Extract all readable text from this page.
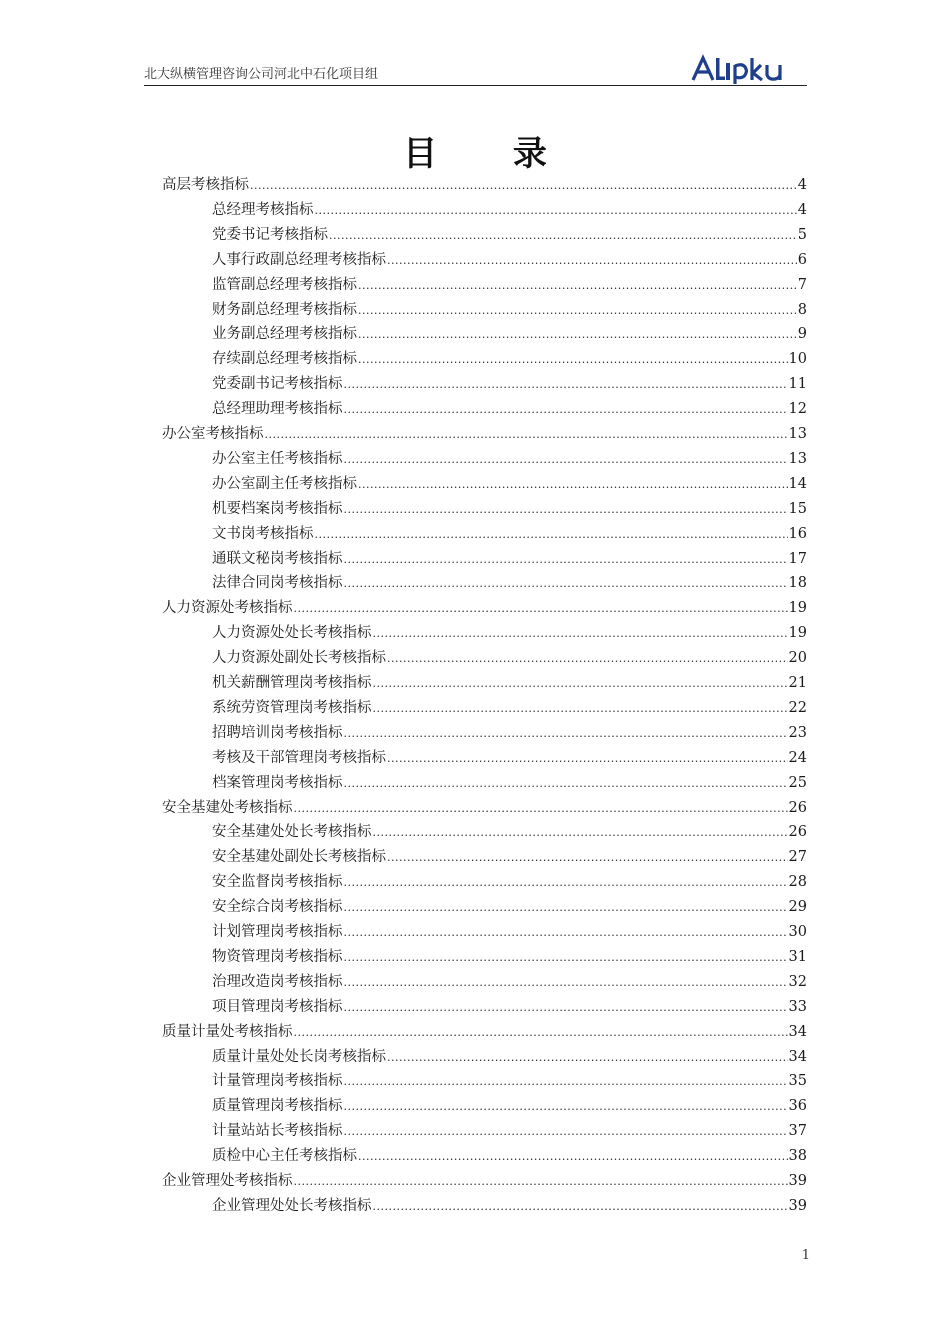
北大纵横管理咨询公司河北中石化项目组
目 录
高层考核指标 .....	4
总经理考核指标 .....	4
党委书记考核指标 .....	5
人事行政副总经理考核指标 .....	6
监管副总经理考核指标 .....	7
财务副总经理考核指标 .....	8
业务副总经理考核指标 .....	9
存续副总经理考核指标 .....	10
党委副书记考核指标 .....	11
总经理助理考核指标 .....	12
办公室考核指标 .....	13
办公室主任考核指标 .....	13
办公室副主任考核指标 .....	14
机要档案岗考核指标 .....	15
文书岗考核指标 .....	16
通联文秘岗考核指标 .....	17
法律合同岗考核指标 .....	18
人力资源处考核指标 .....	19
人力资源处处长考核指标 .....	19
人力资源处副处长考核指标 .....	20
机关薪酬管理岗考核指标 .....	21
系统劳资管理岗考核指标 .....	22
招聘培训岗考核指标 .....	23
考核及干部管理岗考核指标 .....	24
档案管理岗考核指标 .....	25
安全基建处考核指标 .....	26
安全基建处处长考核指标 .....	26
安全基建处副处长考核指标 .....	27
安全监督岗考核指标 .....	28
安全综合岗考核指标 .....	29
计划管理岗考核指标 .....	30
物资管理岗考核指标 .....	31
治理改造岗考核指标 .....	32
项目管理岗考核指标 .....	33
质量计量处考核指标 .....	34
质量计量处处长岗考核指标 .....	34
计量管理岗考核指标 .....	35
质量管理岗考核指标 .....	36
计量站站长考核指标 .....	37
质检中心主任考核指标 .....	38
企业管理处考核指标 .....	39
企业管理处处长考核指标 .....	39
1
